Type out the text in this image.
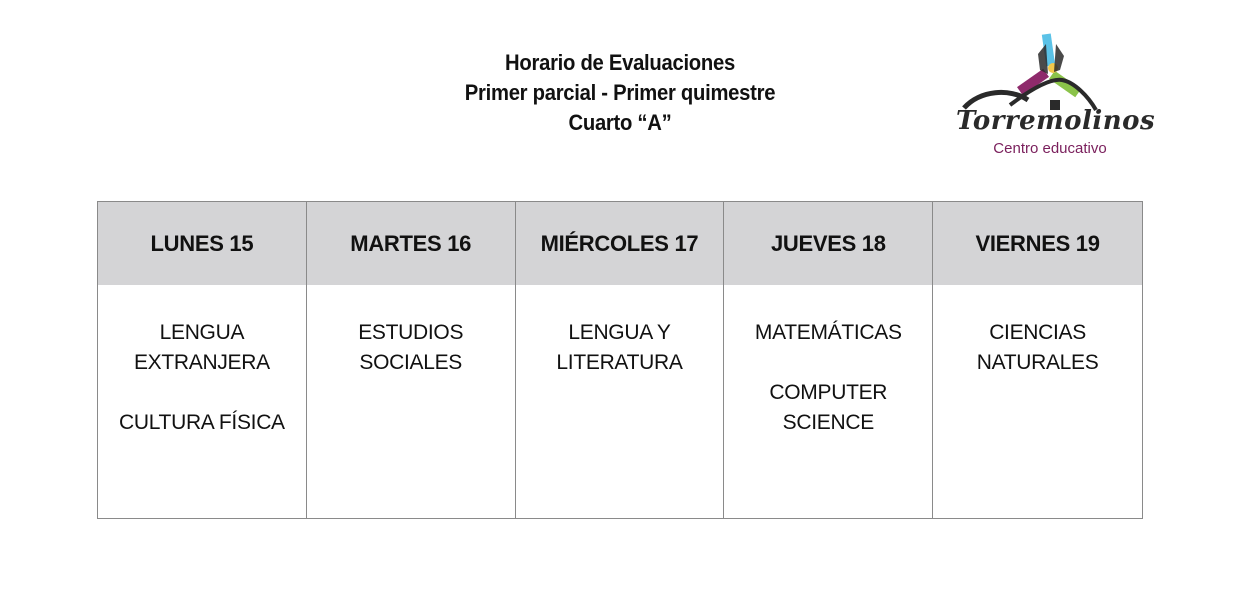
Horario de Evaluaciones
Primer parcial - Primer quimestre
Cuarto “A”	Torremolinos
Centro educativo
LUNES 15
LENGUA
EXTRANJERA
CULTURA FÍSICA
MARTES 16
ESTUDIOS
SOCIALES
MIÉRCOLES 17
LENGUA Y
LITERATURA
JUEVES 18
MATEMÁTICAS
COMPUTER
SCIENCE
VIERNES 19
CIENCIAS
NATURALES
